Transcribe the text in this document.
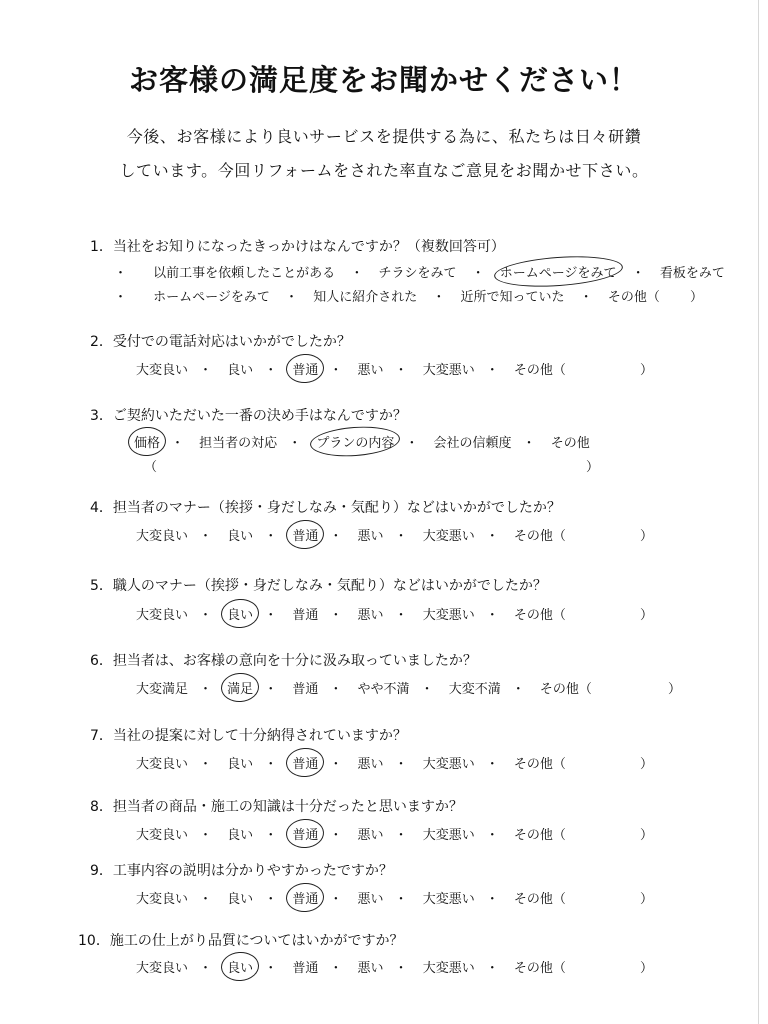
お客様の満足度をお聞かせください！
今後、お客様により良いサービスを提供する為に、私たちは日々研鑽
しています。今回リフォームをされた率直なご意見をお聞かせ下さい。
1．当社をお知りになったきっかけはなんですか？（複数回答可）
・ 以前工事を依頼したことがある ・ チラシをみて ・ ホームページをみて ・ 看板をみて
・ ホームページをみて ・ 知人に紹介された ・ 近所で知っていた ・ その他（ ）
2．受付での電話対応はいかがでしたか？
大変良い ・ 良い ・ 普通 ・ 悪い ・ 大変悪い ・ その他（	）
3．ご契約いただいた一番の決め手はなんですか？
価格 ・ 担当者の対応 ・ プランの内容 ・ 会社の信頼度 ・ その他
（	）
4．担当者のマナー（挨拶・身だしなみ・気配り）などはいかがでしたか？
大変良い ・ 良い ・ 普通 ・ 悪い ・ 大変悪い ・ その他（	）
5．職人のマナー（挨拶・身だしなみ・気配り）などはいかがでしたか？
大変良い ・ 良い ・ 普通 ・ 悪い ・ 大変悪い ・ その他（	）
6．担当者は、お客様の意向を十分に汲み取っていましたか？
大変満足 ・ 満足 ・ 普通 ・ やや不満 ・ 大変不満 ・ その他（	）
7．当社の提案に対して十分納得されていますか？
大変良い ・ 良い ・ 普通 ・ 悪い ・ 大変悪い ・ その他（	）
8．担当者の商品・施工の知識は十分だったと思いますか？
大変良い ・ 良い ・ 普通 ・ 悪い ・ 大変悪い ・ その他（	）
9．工事内容の説明は分かりやすかったですか？
大変良い ・ 良い ・ 普通 ・ 悪い ・ 大変悪い ・ その他（	）
10．施工の仕上がり品質についてはいかがですか？
大変良い ・ 良い ・ 普通 ・ 悪い ・ 大変悪い ・ その他（	）
